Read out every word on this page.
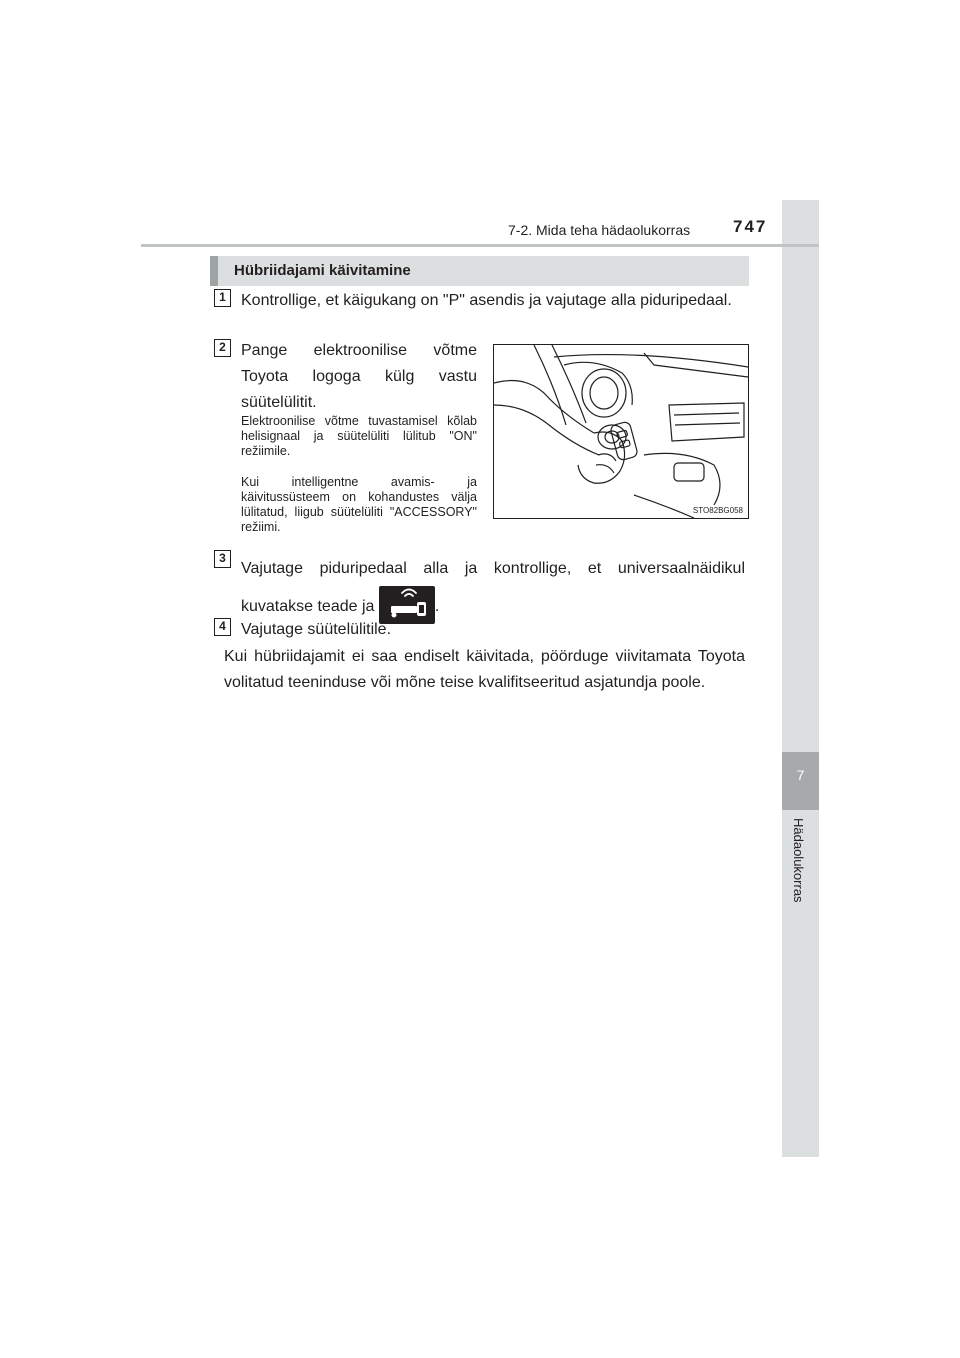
7
Hädaolukorras
7-2. Mida teha hädaolukorras	747
Hübriidajami käivitamine
1 Kontrollige, et käigukang on "P" asendis ja vajutage alla piduripedaal.
2 Pange elektroonilise võtme Toyota logoga külg vastu süütelülitit.
Elektroonilise võtme tuvastamisel kõlab helisignaal ja süütelüliti lülitub "ON" režiimile.
Kui intelligentne avamis- ja käivitussüsteem on kohandustes välja lülitatud, liigub süütelüliti "ACCESSORY" režiimi.
STO82BG058
3
Vajutage piduripedaal alla ja kontrollige, et universaalnäidikul kuvatakse teade ja	.
4 Vajutage süütelülitile.
Kui hübriidajamit ei saa endiselt käivitada, pöörduge viivitamata Toyota volitatud teeninduse või mõne teise kvalifitseeritud asjatundja poole.
